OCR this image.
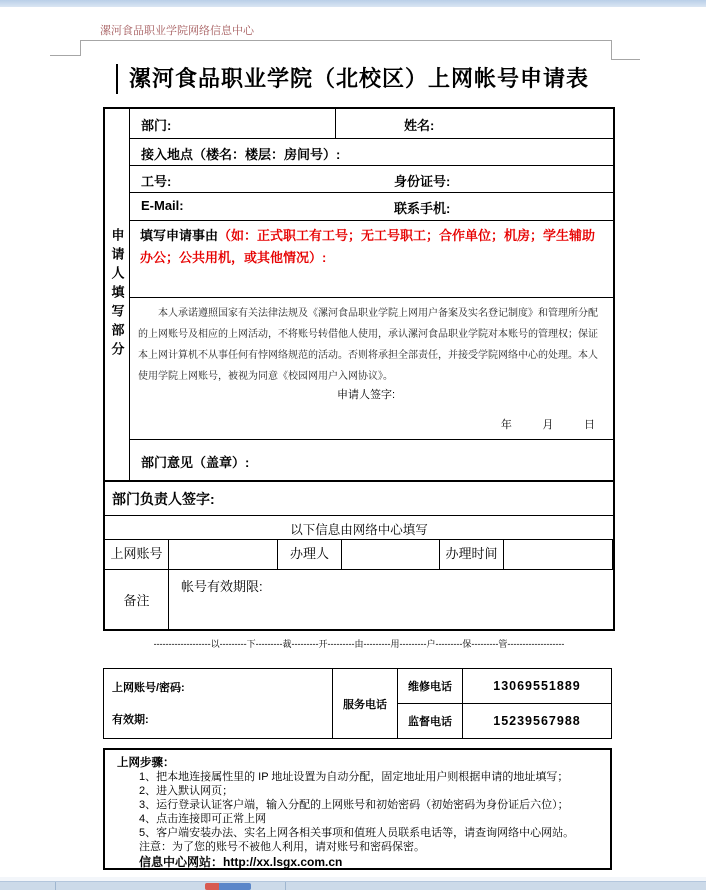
漯河食品职业学院网络信息中心
漯河食品职业学院（北校区）上网帐号申请表
申请人填写部分
部门:	姓名:
接入地点（楼名：楼层：房间号）:
工号:	身份证号:
E-Mail:	联系手机:
填写申请事由（如：正式职工有工号；无工号职工；合作单位；机房；学生辅助办公；公共用机，或其他情况）:
本人承诺遵照国家有关法律法规及《漯河食品职业学院上网用户备案及实名登记制度》和管理所分配的上网账号及相应的上网活动，不将账号转借他人使用，承认漯河食品职业学院对本账号的管理权；保证本上网计算机不从事任何有悖网络规范的活动。否则将承担全部责任，并接受学院网络中心的处理。本人使用学院上网账号，被视为同意《校园网用户入网协议》。
申请人签字:
年          月          日
部门意见（盖章）:
部门负责人签字:
以下信息由网络中心填写
上网账号	办理人	办理时间
备注
帐号有效期限:
-------------------以---------下---------裁---------开---------由---------用---------户---------保---------管-------------------
上网账号/密码:
有效期:
服务电话
维修电话	13069551889
监督电话	15239567988
上网步骤：
1、把本地连接属性里的 IP 地址设置为自动分配，固定地址用户则根据申请的地址填写；
2、进入默认网页；
3、运行登录认证客户端，输入分配的上网账号和初始密码（初始密码为身份证后六位）；
4、点击连接即可正常上网
5、客户端安装办法、实名上网各相关事项和值班人员联系电话等，请查询网络中心网站。
注意：为了您的账号不被他人利用，请对账号和密码保密。
信息中心网站：http://xx.lsgx.com.cn
